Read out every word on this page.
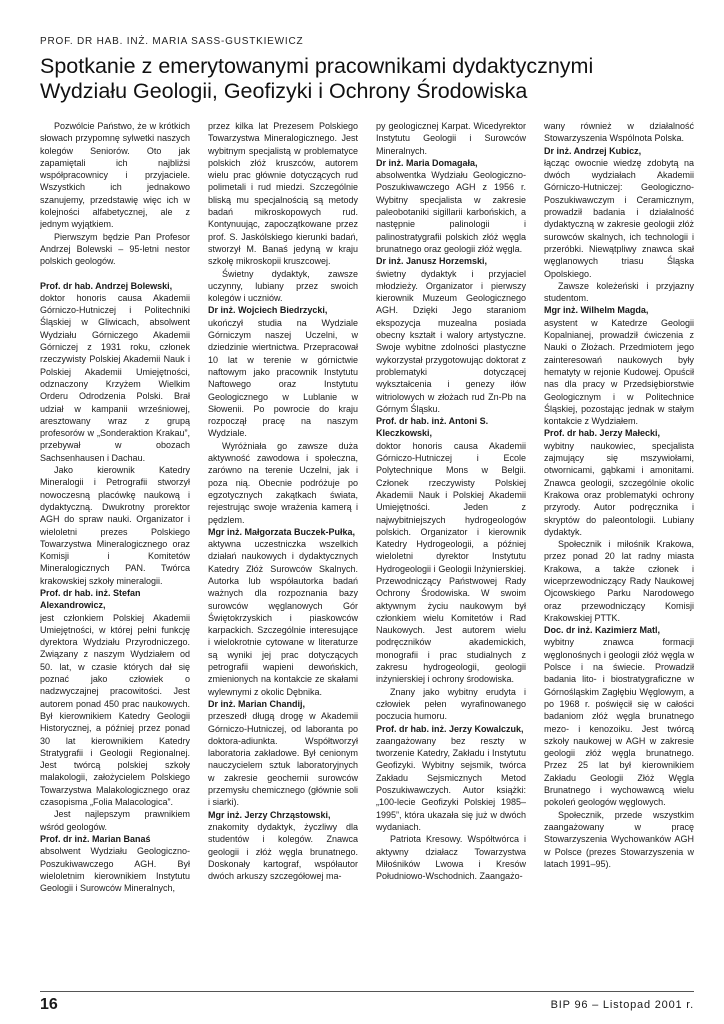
PROF. DR HAB. INŻ. MARIA SASS-GUSTKIEWICZ
Spotkanie z emerytowanymi pracownikami dydaktycznymi
Wydziału Geologii, Geofizyki i Ochrony Środowiska

Pozwólcie Państwo, że w krótkich słowach przypomnę sylwetki naszych kolegów Seniorów. Oto jak zapamiętali ich najbliżsi współpracownicy i przyjaciele. Wszystkich ich jednakowo szanujemy, przedstawię więc ich w kolejności alfabetycznej, ale z jednym wyjątkiem.

Pierwszym będzie Pan Profesor Andrzej Bolewski – 95-letni nestor polskich geologów.

Prof. dr hab. Andrzej Bolewski,

doktor honoris causa Akademii Górniczo-Hutniczej i Politechniki Śląskiej w Gliwicach, absolwent Wydziału Górniczego Akademii Górniczej z 1931 roku, członek rzeczywisty Polskiej Akademii Nauk i Polskiej Akademii Umiejętności, odznaczony Krzyżem Wielkim Orderu Odrodzenia Polski. Brał udział w kampanii wrześniowej, aresztowany wraz z grupą profesorów w „Sonderaktion Krakau”, przebywał w obozach Sachsenhausen i Dachau.

Jako kierownik Katedry Mineralogii i Petrografii stworzył nowoczesną placówkę naukową i dydaktyczną. Dwukrotny prorektor AGH do spraw nauki. Organizator i wieloletni prezes Polskiego Towarzystwa Mineralogicznego oraz Komisji i Komitetów Mineralogicznych PAN. Twórca krakowskiej szkoły mineralogii.

Prof. dr hab. inż. Stefan Alexandrowicz,

jest członkiem Polskiej Akademii Umiejętności, w której pełni funkcję dyrektora Wydziału Przyrodniczego. Związany z naszym Wydziałem od 50. lat, w czasie których dał się poznać jako człowiek o nadzwyczajnej pracowitości. Jest autorem ponad 450 prac naukowych. Był kierownikiem Katedry Geologii Historycznej, a później przez ponad 30 lat kierownikiem Katedry Stratygrafii i Geologii Regionalnej. Jest twórcą polskiej szkoły malakologii, założycielem Polskiego Towarzystwa Malakologicznego oraz czasopisma „Folia Malacologica”.

Jest najlepszym prawnikiem wśród geologów.

Prof. dr inż. Marian Banaś

absolwent Wydziału Geologiczno-Poszukiwawczego AGH. Był wieloletnim kierownikiem Instytutu Geologii i Surowców Mineralnych,

przez kilka lat Prezesem Polskiego Towarzystwa Mineralogicznego. Jest wybitnym specjalistą w problematyce polskich złóż kruszców, autorem wielu prac głównie dotyczących rud polimetali i rud miedzi. Szczególnie bliską mu specjalnością są metody badań mikroskopowych rud. Kontynuując, zapoczątkowane przez prof. S. Jaskólskiego kierunki badań, stworzył M. Banaś jedyną w kraju szkołę mikroskopii kruszcowej.

Świetny dydaktyk, zawsze uczynny, lubiany przez swoich kolegów i uczniów.

Dr inż. Wojciech Biedrzycki,

ukończył studia na Wydziale Górniczym naszej Uczelni, w dziedzinie wiertnictwa. Przepracował 10 lat w terenie w górnictwie naftowym jako pracownik Instytutu Naftowego oraz Instytutu Geologicznego w Lublanie w Słowenii. Po powrocie do kraju rozpoczął pracę na naszym Wydziale.

Wyróżniała go zawsze duża aktywność zawodowa i społeczna, zarówno na terenie Uczelni, jak i poza nią. Obecnie podróżuje po egzotycznych zakątkach świata, rejestrując swoje wrażenia kamerą i pędzlem.

Mgr inż. Małgorzata Buczek-Pułka,

aktywna uczestniczka wszelkich działań naukowych i dydaktycznych Katedry Złóż Surowców Skalnych. Autorka lub współautorka badań ważnych dla rozpoznania bazy surowców węglanowych Gór Świętokrzyskich i piaskowców karpackich. Szczególnie interesujące i wielokrotnie cytowane w literaturze są wyniki jej prac dotyczących petrografii wapieni dewońskich, zmienionych na kontakcie ze skałami wylewnymi z okolic Dębnika.

Dr inż. Marian Chandij,

przeszedł długą drogę w Akademii Górniczo-Hutniczej, od laboranta po doktora-adiunkta. Współtworzył laboratoria zakładowe. Był cenionym nauczycielem sztuk laboratoryjnych w zakresie geochemii surowców przemysłu chemicznego (głównie soli i siarki).

Mgr inż. Jerzy Chrząstowski,

znakomity dydaktyk, życzliwy dla studentów i kolegów. Znawca geologii i złóż węgla brunatnego. Doskonały kartograf, współautor dwóch arkuszy szczegółowej ma-

py geologicznej Karpat. Wicedyrektor Instytutu Geologii i Surowców Mineralnych.

Dr inż. Maria Domagała,

absolwentka Wydziału Geologiczno-Poszukiwawczego AGH z 1956 r. Wybitny specjalista w zakresie paleobotaniki sigillarii karbońskich, a następnie palinologii i palinostratygrafii polskich złóż węgla brunatnego oraz geologii złóż węgla.

Dr inż. Janusz Horzemski,

świetny dydaktyk i przyjaciel młodzieży. Organizator i pierwszy kierownik Muzeum Geologicznego AGH. Dzięki Jego staraniom ekspozycja muzealna posiada obecny kształt i walory artystyczne. Swoje wybitne zdolności plastyczne wykorzystał przygotowując doktorat z problematyki dotyczącej wykształcenia i genezy iłów witriolowych w złożach rud Zn-Pb na Górnym Śląsku.

Prof. dr hab. inż. Antoni S. Kleczkowski,

doktor honoris causa Akademii Górniczo-Hutniczej i Ecole Polytechnique Mons w Belgii. Członek rzeczywisty Polskiej Akademii Nauk i Polskiej Akademii Umiejętności. Jeden z najwybitniejszych hydrogeologów polskich. Organizator i kierownik Katedry Hydrogeologii, a później wieloletni dyrektor Instytutu Hydrogeologii i Geologii Inżynierskiej. Przewodniczący Państwowej Rady Ochrony Środowiska. W swoim aktywnym życiu naukowym był członkiem wielu Komitetów i Rad Naukowych. Jest autorem wielu podręczników akademickich, monografii i prac studialnych z zakresu hydrogeologii, geologii inżynierskiej i ochrony środowiska.

Znany jako wybitny erudyta i człowiek pełen wyrafinowanego poczucia humoru.

Prof. dr hab. inż. Jerzy Kowalczuk,

zaangażowany bez reszty w tworzenie Katedry, Zakładu i Instytutu Geofizyki. Wybitny sejsmik, twórca Zakładu Sejsmicznych Metod Poszukiwawczych. Autor książki: „100-lecie Geofizyki Polskiej 1985–1995”, która ukazała się już w dwóch wydaniach.

Patriota Kresowy. Współtwórca i aktywny działacz Towarzystwa Miłośników Lwowa i Kresów Południowo-Wschodnich. Zaangażo-

wany również w działalność Stowarzyszenia Wspólnota Polska.

Dr inż. Andrzej Kubicz,

łącząc owocnie wiedzę zdobytą na dwóch wydziałach Akademii Górniczo-Hutniczej: Geologiczno-Poszukiwawczym i Ceramicznym, prowadził badania i działalność dydaktyczną w zakresie geologii złóż surowców skalnych, ich technologii i przeróbki. Niewątpliwy znawca skał węglanowych triasu Śląska Opolskiego.

Zawsze koleżeński i przyjazny studentom.

Mgr inż. Wilhelm Magda,

asystent w Katedrze Geologii Kopalnianej, prowadził ćwiczenia z Nauki o Złożach. Przedmiotem jego zainteresowań naukowych były hematyty w rejonie Kudowej. Opuścił nas dla pracy w Przedsiębiorstwie Geologicznym i w Politechnice Śląskiej, pozostając jednak w stałym kontakcie z Wydziałem.

Prof. dr hab. Jerzy Małecki,

wybitny naukowiec, specjalista zajmujący się mszywiołami, otwornicami, gąbkami i amonitami. Znawca geologii, szczególnie okolic Krakowa oraz problematyki ochrony przyrody. Autor podręcznika i skryptów do paleontologii. Lubiany dydaktyk.

Społecznik i miłośnik Krakowa, przez ponad 20 lat radny miasta Krakowa, a także członek i wiceprzewodniczący Rady Naukowej Ojcowskiego Parku Narodowego oraz przewodniczący Komisji Krakowskiej PTTK.

Doc. dr inż. Kazimierz Matl,

wybitny znawca formacji węglonośnych i geologii złóż węgla w Polsce i na świecie. Prowadził badania lito- i biostratygraficzne w Górnośląskim Zagłębiu Węglowym, a po 1968 r. poświęcił się w całości badaniom złóż węgla brunatnego mezo- i kenozoiku. Jest twórcą szkoły naukowej w AGH w zakresie geologii złóż węgla brunatnego. Przez 25 lat był kierownikiem Zakładu Geologii Złóż Węgla Brunatnego i wychowawcą wielu pokoleń geologów węglowych.

Społecznik, przede wszystkim zaangażowany w pracę Stowarzyszenia Wychowanków AGH w Polsce (prezes Stowarzyszenia w latach 1991–95).

16	BIP 96 – Listopad 2001 r.
